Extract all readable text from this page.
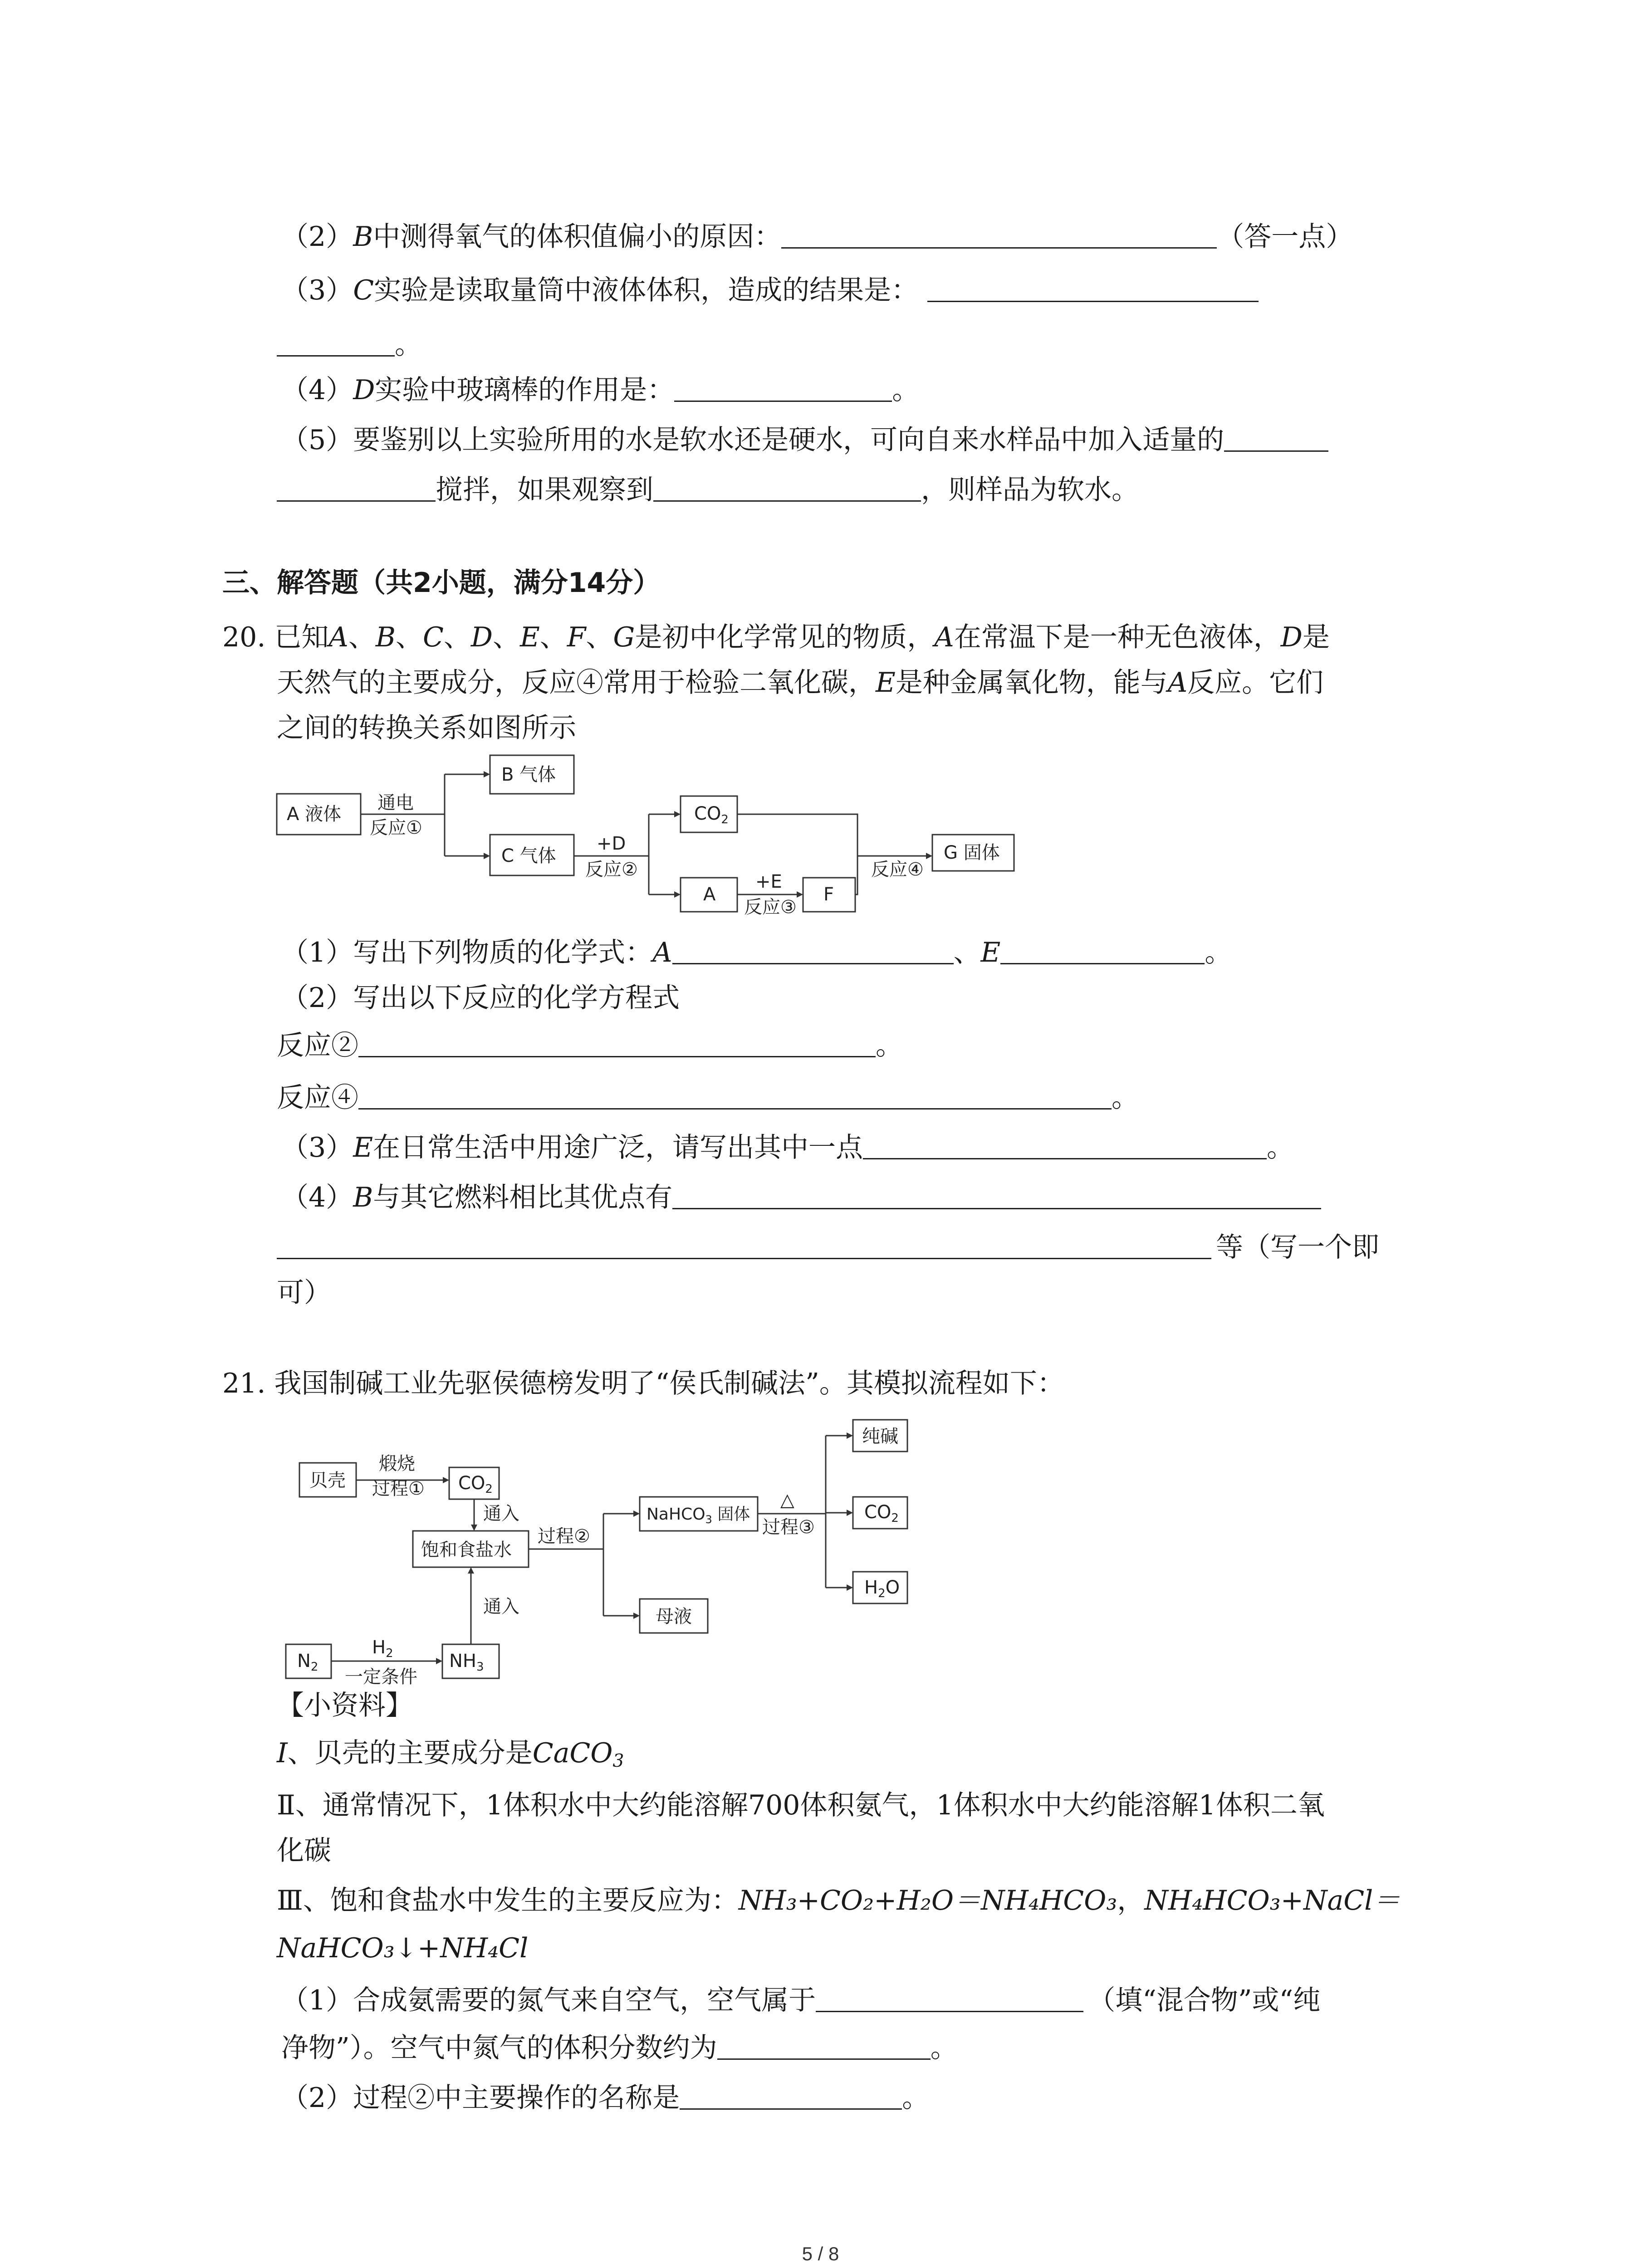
（2）B中测得氧气的体积值偏小的原因：	（答一点）
（3）C实验是读取量筒中液体体积，造成的结果是：
。
（4）D实验中玻璃棒的作用是：	。
（5）要鉴别以上实验所用的水是软水还是硬水，可向自来水样品中加入适量的
搅拌，如果观察到	，则样品为软水。
三、解答题（共2小题，满分14分）
20. 已知A、B、C、D、E、F、G是初中化学常见的物质，A在常温下是一种无色液体，D是
天然气的主要成分，反应④常用于检验二氧化碳，E是种金属氧化物，能与A反应。它们
之间的转换关系如图所示
A 液体
B 气体
C 气体
$CO_2$
A	F
G 固体
通电
反应①
+D
反应②
+E
反应③
反应④
（1）写出下列物质的化学式：A	、E	。
（2）写出以下反应的化学方程式
反应②	。
反应④	。
（3）E在日常生活中用途广泛，请写出其中一点	。
（4）B与其它燃料相比其优点有
等（写一个即
可）
21. 我国制碱工业先驱侯德榜发明了“侯氏制碱法”。其模拟流程如下：
贝壳
煅烧
过程① $CO_2$
通入
饱和食盐水
过程②
NaHCO$_3$ 固体
△
过程③
纯碱
$CO_2$
$H_2O$
母液
通入
$N_2$
$H_2$
一定条件
$NH_3$
【小资料】
I、贝壳的主要成分是CaCO$_3$
Ⅱ、通常情况下，1体积水中大约能溶解700体积氨气，1体积水中大约能溶解1体积二氧
化碳
Ⅲ、饱和食盐水中发生的主要反应为：NH₃+CO₂+H₂O＝NH₄HCO₃，NH₄HCO₃+NaCl＝
NaHCO₃↓+NH₄Cl
（1）合成氨需要的氮气来自空气，空气属于	（填“混合物”或“纯
净物”）。空气中氮气的体积分数约为	。
（2）过程②中主要操作的名称是	。
5 / 8
